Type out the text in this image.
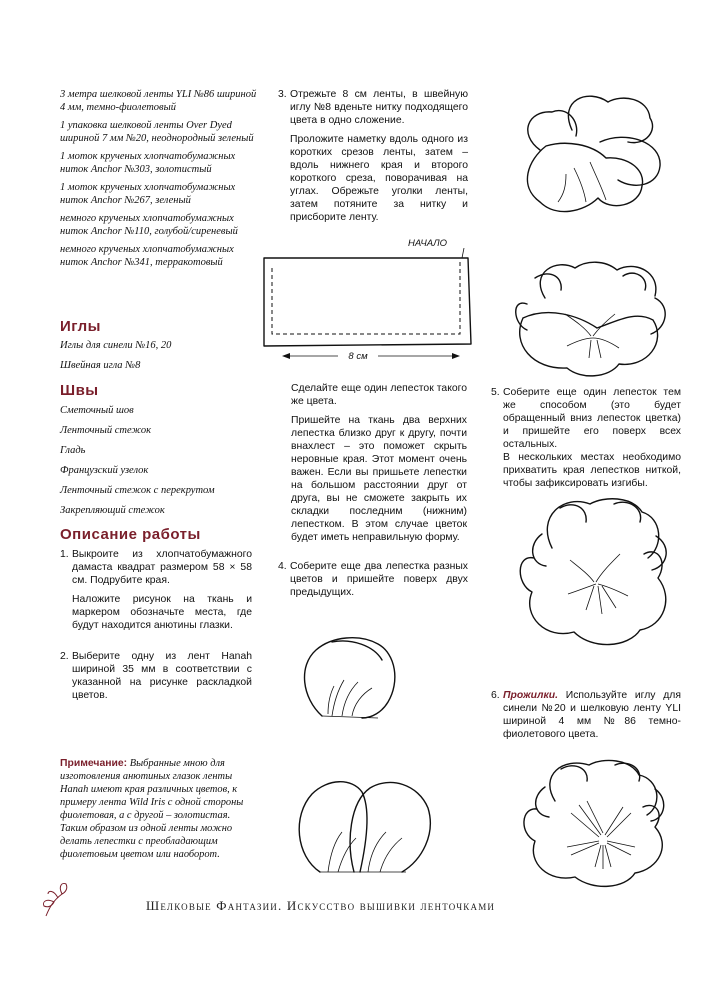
3 метра шелковой ленты YLI №86 шириной 4 мм, темно-фиолетовый

1 упаковка шелковой ленты Over Dyed шириной 7 мм №20, неоднородный зеленый

1 моток крученых хлопчатобумажных ниток Anchor №303, золотистый

1 моток крученых хлопчатобумажных ниток Anchor №267, зеленый

немного крученых хлопчатобумажных ниток Anchor №110, голубой/сиреневый

немного крученых хлопчатобумажных ниток Anchor №341, терракотовый

Иглы

Иглы для синели №16, 20

Швейная игла №8

Швы

Сметочный шов

Ленточный стежок

Гладь

Французский узелок

Ленточный стежок с перекрутом

Закрепляющий стежок

Описание работы
1. Выкроите из хлопчатобумажного дамаста квадрат размером 58 × 58 см. Подрубите края.

Наложите рисунок на ткань и маркером обозначьте места, где будут находится анютины глазки.

2. Выберите одну из лент Hanah шириной 35 мм в соответствии с указанной на рисунке раскладкой цветов.

Примечание: Выбранные мною для изготовления анютиных глазок ленты Hanah имеют края различных цветов, к примеру лента Wild Iris с одной стороны фиолетовая, а с другой – золотистая. Таким образом из одной ленты можно делать лепестки с преобладающим фиолетовым цветом или наоборот.
3. Отрежьте 8 см ленты, в швейную иглу №8 вденьте нитку подходящего цвета в одно сложение.

Проложите наметку вдоль одного из коротких срезов ленты, затем – вдоль нижнего края и второго короткого среза, поворачивая на углах. Обрежьте уголки ленты, затем потяните за нитку и присборите ленту.

НАЧАЛО
8 см

Сделайте еще один лепесток такого же цвета.

Пришейте на ткань два верхних лепестка близко друг к другу, почти внахлест – это поможет скрыть неровные края. Этот момент очень важен. Если вы пришьете лепестки на большом расстоянии друг от друга, вы не сможете закрыть их складки последним (нижним) лепестком. В этом случае цветок будет иметь неправильную форму.

4. Соберите еще два лепестка разных цветов и пришейте поверх двух предыдущих.

5. Соберите еще один лепесток тем же способом (это будет обращенный вниз лепесток цветка) и пришейте его поверх всех остальных.

В нескольких местах необходимо прихватить края лепестков ниткой, чтобы зафиксировать изгибы.

6. Прожилки. Используйте иглу для синели №20 и шелковую ленту YLI шириной 4 мм №86 темно-фиолетового цвета.

Шелковые Фантазии. Искусство вышивки ленточками
